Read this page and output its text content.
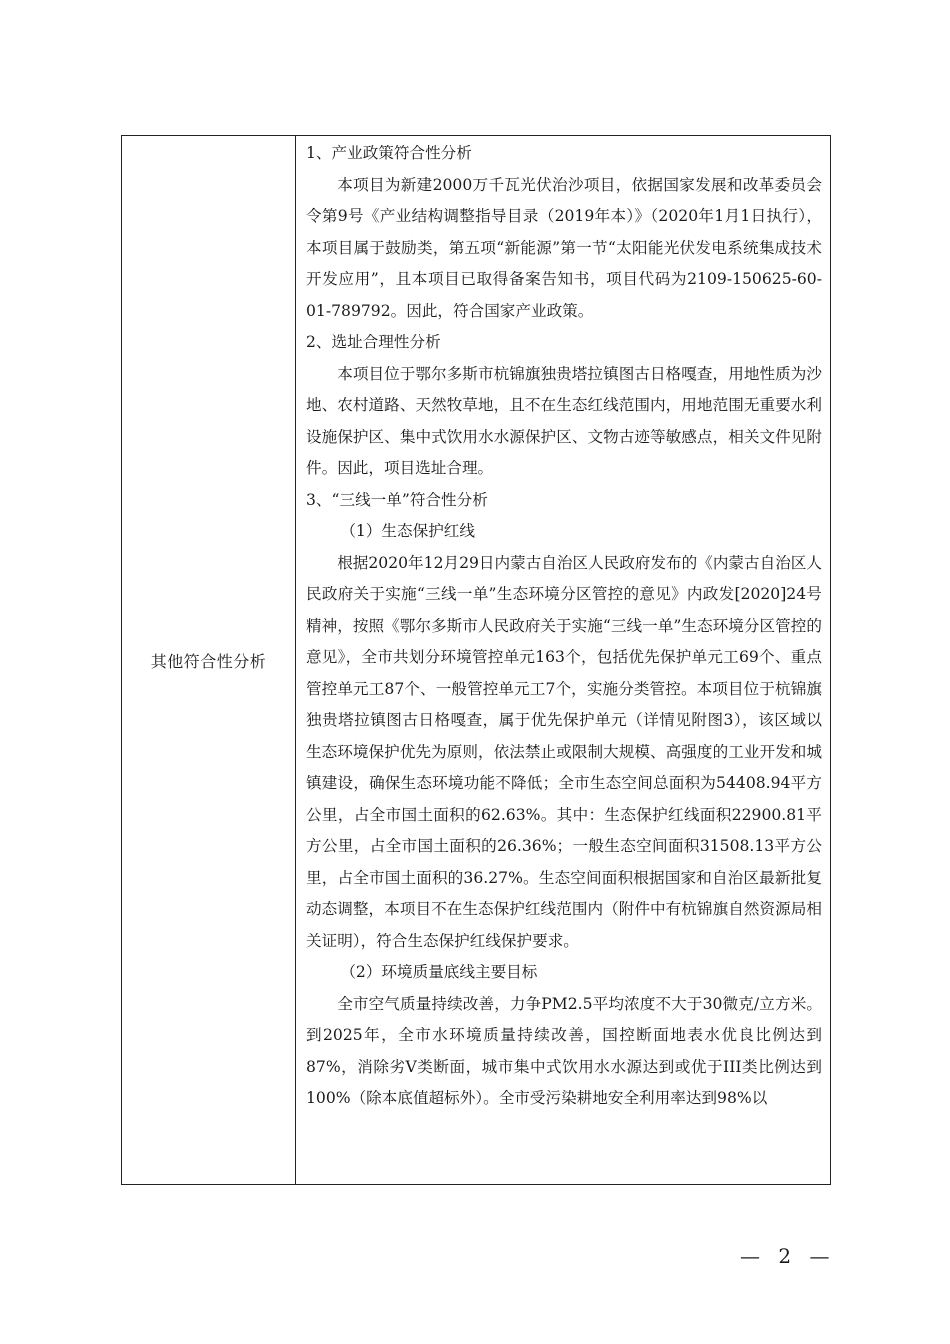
其他符合性分析

1、产业政策符合性分析

本项目为新建2000万千瓦光伏治沙项目，依据国家发展和改革委员会令第9号《产业结构调整指导目录（2019年本）》（2020年1月1日执行），本项目属于鼓励类，第五项“新能源”第一节“太阳能光伏发电系统集成技术开发应用”，且本项目已取得备案告知书，项目代码为2109-150625-60-01-789792。因此，符合国家产业政策。

2、选址合理性分析

本项目位于鄂尔多斯市杭锦旗独贵塔拉镇图古日格嘎查，用地性质为沙地、农村道路、天然牧草地，且不在生态红线范围内，用地范围无重要水利设施保护区、集中式饮用水水源保护区、文物古迹等敏感点，相关文件见附件。因此，项目选址合理。

3、“三线一单”符合性分析

（1）生态保护红线

根据2020年12月29日内蒙古自治区人民政府发布的《内蒙古自治区人民政府关于实施“三线一单”生态环境分区管控的意见》内政发[2020]24号精神，按照《鄂尔多斯市人民政府关于实施“三线一单”生态环境分区管控的意见》，全市共划分环境管控单元163个，包括优先保护单元工69个、重点管控单元工87个、一般管控单元工7个，实施分类管控。本项目位于杭锦旗独贵塔拉镇图古日格嘎查，属于优先保护单元（详情见附图3），该区域以生态环境保护优先为原则，依法禁止或限制大规模、高强度的工业开发和城镇建设，确保生态环境功能不降低；全市生态空间总面积为54408.94平方公里，占全市国土面积的62.63%。其中：生态保护红线面积22900.81平方公里，占全市国土面积的26.36%；一般生态空间面积31508.13平方公里，占全市国土面积的36.27%。生态空间面积根据国家和自治区最新批复动态调整，本项目不在生态保护红线范围内（附件中有杭锦旗自然资源局相关证明），符合生态保护红线保护要求。

（2）环境质量底线主要目标

全市空气质量持续改善，力争PM2.5平均浓度不大于30微克/立方米。到2025年，全市水环境质量持续改善，国控断面地表水优良比例达到87%，消除劣Ⅴ类断面，城市集中式饮用水水源达到或优于III类比例达到100%（除本底值超标外）。全市受污染耕地安全利用率达到98%以

— 2 —
